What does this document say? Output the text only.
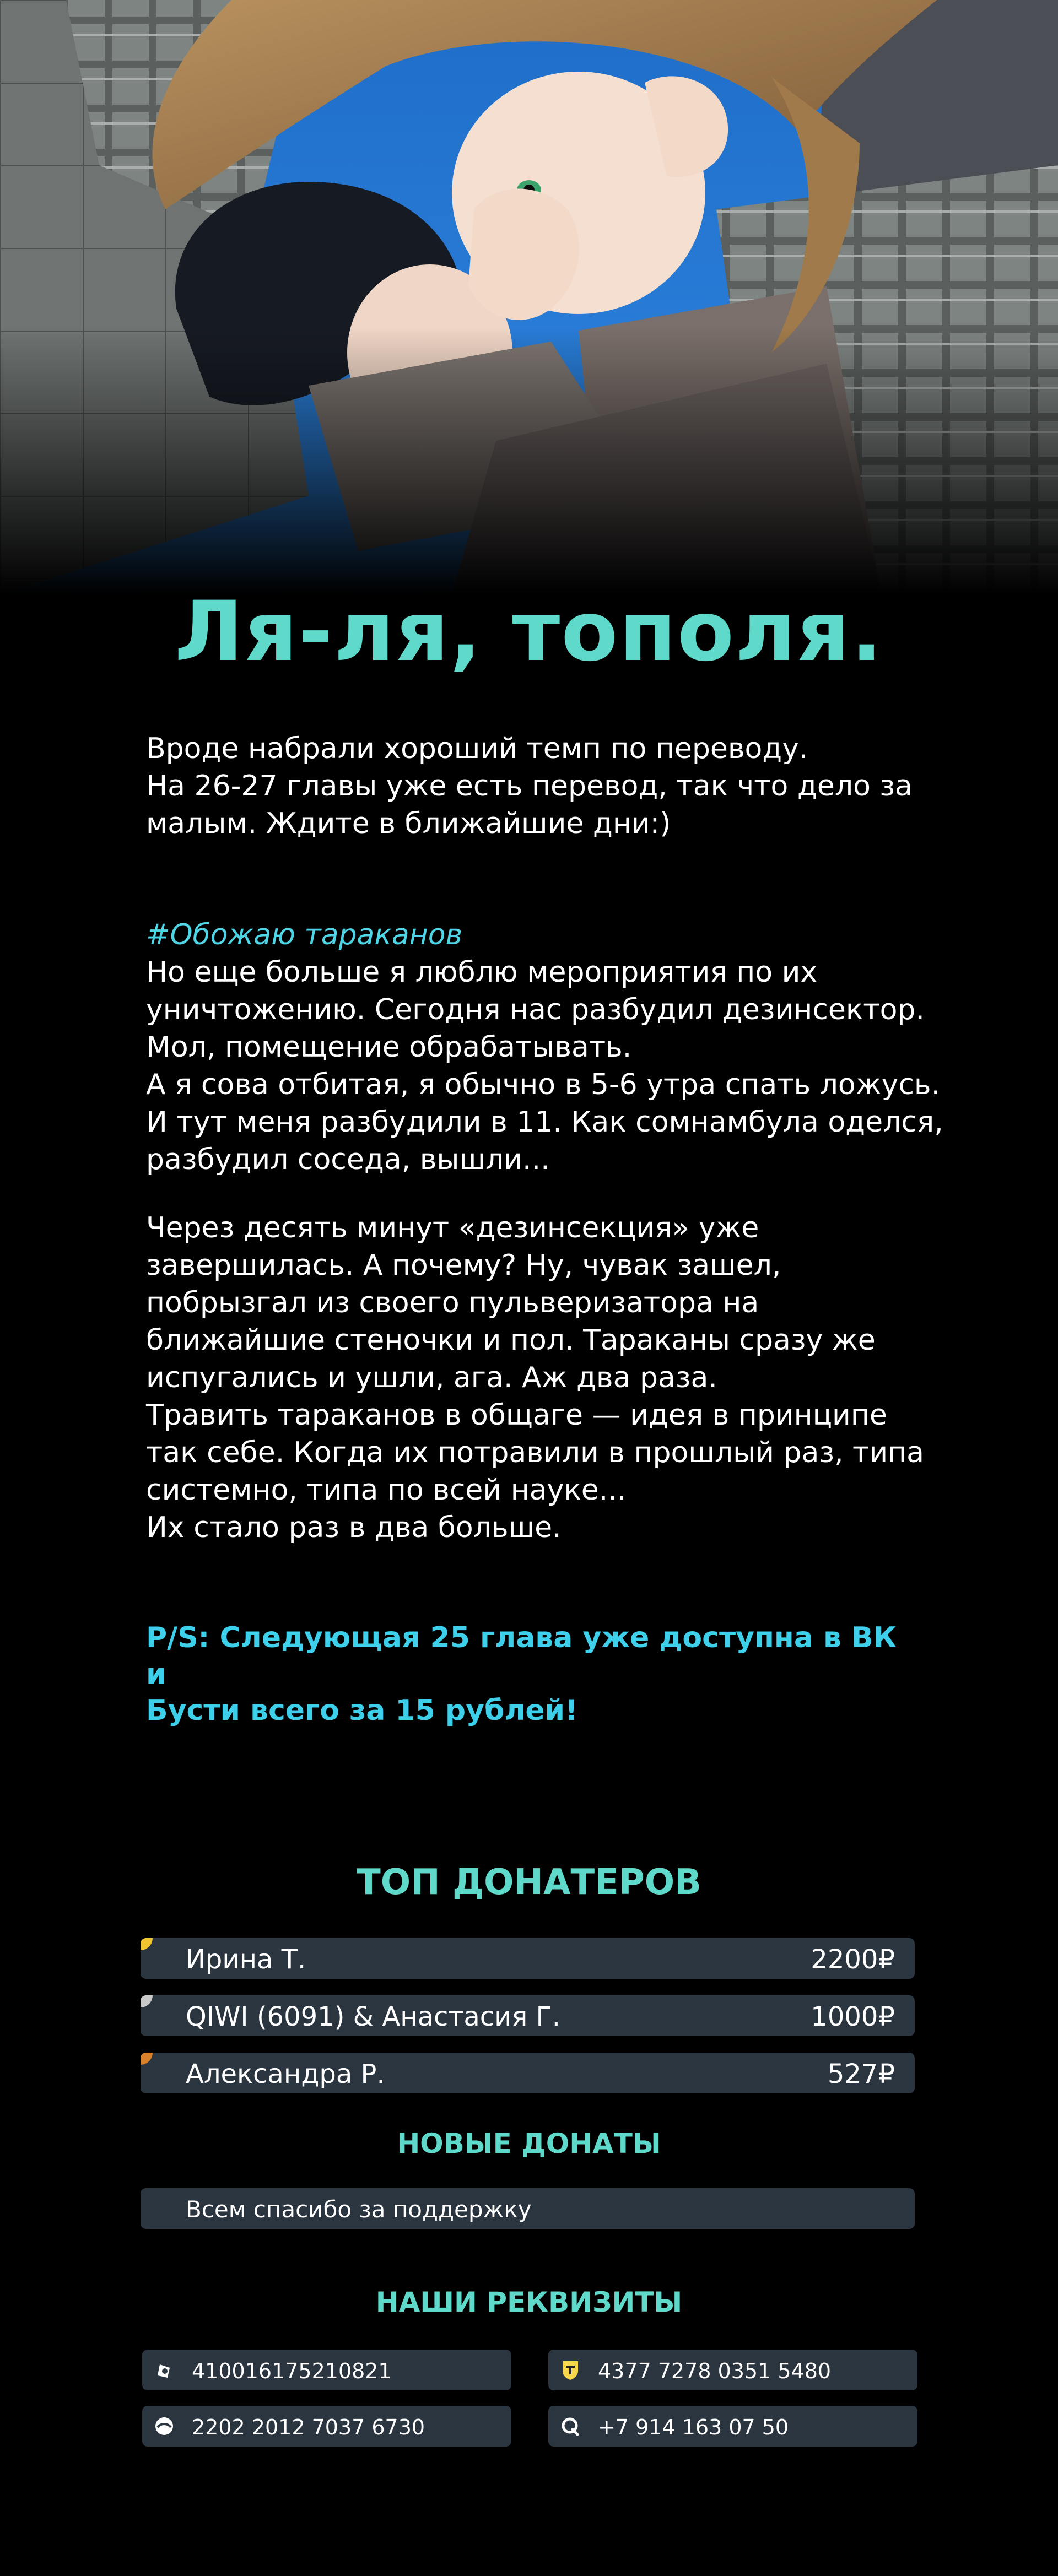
Ля-ля, тополя.

Вроде набрали хороший темп по переводу.

На 26-27 главы уже есть перевод, так что дело за

малым. Ждите в ближайшие дни:)

#Обожаю тараканов

Но еще больше я люблю мероприятия по их

уничтожению. Сегодня нас разбудил дезинсектор.

Мол, помещение обрабатывать.

А я сова отбитая, я обычно в 5-6 утра спать ложусь.

И тут меня разбудили в 11. Как сомнамбула оделся,

разбудил соседа, вышли...

Через десять минут «дезинсекция» уже

завершилась. А почему? Ну, чувак зашел,

побрызгал из своего пульверизатора на

ближайшие стеночки и пол. Тараканы сразу же

испугались и ушли, ага. Аж два раза.

Травить тараканов в общаге — идея в принципе

так себе. Когда их потравили в прошлый раз, типа

системно, типа по всей науке...

Их стало раз в два больше.

P/S: Следующая 25 глава уже доступна в ВК и
Бусти всего за 15 рублей!
ТОП ДОНАТЕРОВ
Ирина Т.	2200₽
QIWI (6091) & Анастасия Г.	1000₽
Александра Р.	527₽
НОВЫЕ ДОНАТЫ
Всем спасибо за поддержку
НАШИ РЕКВИЗИТЫ
410016175210821	4377 7278 0351 5480
2202 2012 7037 6730	+7 914 163 07 50
